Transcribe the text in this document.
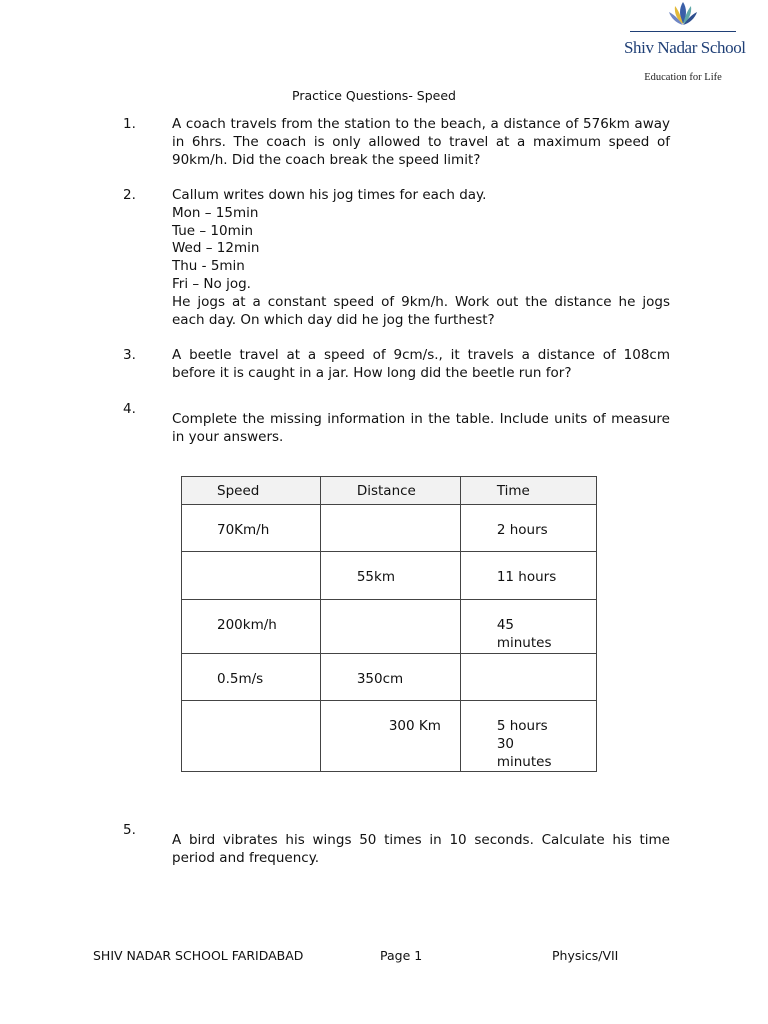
Shiv Nadar School
Education for Life
Practice Questions- Speed
1.	A coach travels from the station to the beach, a distance of 576km away in 6hrs. The coach is only allowed to travel at a maximum speed of 90km/h. Did the coach break the speed limit?
2.	Callum writes down his jog times for each day.
Mon – 15min
Tue – 10min
Wed – 12min
Thu - 5min
Fri – No jog.
He jogs at a constant speed of 9km/h. Work out the distance he jogs each day. On which day did he jog the furthest?
3.	A beetle travel at a speed of 9cm/s., it travels a distance of 108cm before it is caught in a jar. How long did the beetle run for?
4.
Complete the missing information in the table. Include units of measure in your answers.
Speed	Distance	Time

70Km/h		2 hours

	55km	11 hours

200km/h		45 minutes

0.5m/s	350cm	

	300 Km	5 hours 30 minutes
5.
A bird vibrates his wings 50 times in 10 seconds. Calculate his time period and frequency.
SHIV NADAR SCHOOL FARIDABAD	Page 1	Physics/VII
